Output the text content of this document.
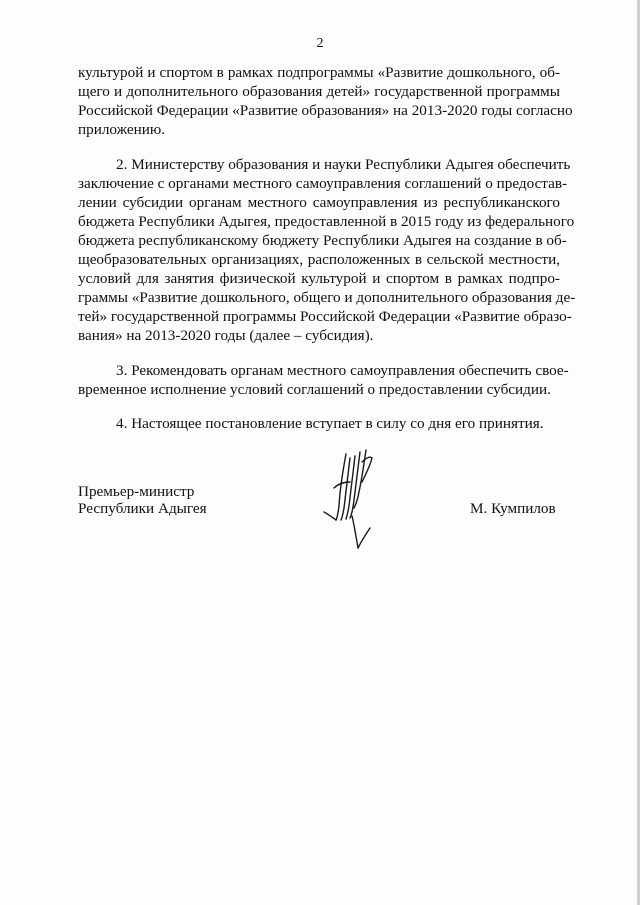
2
культурой и спортом в рамках подпрограммы «Развитие дошкольного, об-
щего и дополнительного образования детей» государственной программы
Российской Федерации «Развитие образования» на 2013-2020 годы согласно
приложению.
2. Министерству образования и науки Республики Адыгея обеспечить
заключение с органами местного самоуправления соглашений о предостав-
лении субсидии органам местного самоуправления из республиканского
бюджета Республики Адыгея, предоставленной в 2015 году из федерального
бюджета республиканскому бюджету Республики Адыгея на создание в об-
щеобразовательных организациях, расположенных в сельской местности,
условий для занятия физической культурой и спортом в рамках подпро-
граммы «Развитие дошкольного, общего и дополнительного образования де-
тей» государственной программы Российской Федерации «Развитие образо-
вания» на 2013-2020 годы (далее – субсидия).
3. Рекомендовать органам местного самоуправления обеспечить свое-
временное исполнение условий соглашений о предоставлении субсидии.
4. Настоящее постановление вступает в силу со дня его принятия.
Премьер-министр
Республики Адыгея	М. Кумпилов
